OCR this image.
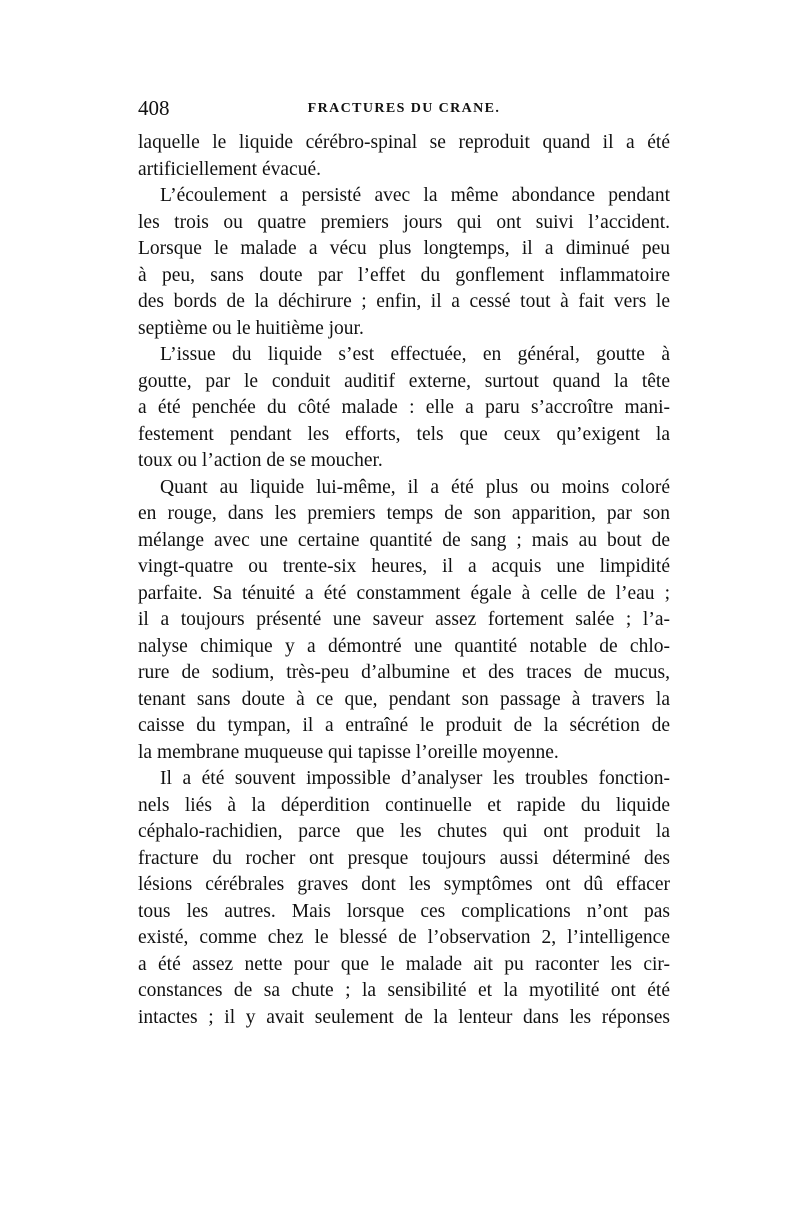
408	FRACTURES DU CRANE.
laquelle le liquide cérébro-spinal se reproduit quand il a été
artificiellement évacué.
L’écoulement a persisté avec la même abondance pendant
les trois ou quatre premiers jours qui ont suivi l’accident.
Lorsque le malade a vécu plus longtemps, il a diminué peu
à peu, sans doute par l’effet du gonflement inflammatoire
des bords de la déchirure ; enfin, il a cessé tout à fait vers le
septième ou le huitième jour.
L’issue du liquide s’est effectuée, en général, goutte à
goutte, par le conduit auditif externe, surtout quand la tête
a été penchée du côté malade : elle a paru s’accroître mani-
festement pendant les efforts, tels que ceux qu’exigent la
toux ou l’action de se moucher.
Quant au liquide lui-même, il a été plus ou moins coloré
en rouge, dans les premiers temps de son apparition, par son
mélange avec une certaine quantité de sang ; mais au bout de
vingt-quatre ou trente-six heures, il a acquis une limpidité
parfaite. Sa ténuité a été constamment égale à celle de l’eau ;
il a toujours présenté une saveur assez fortement salée ; l’a-
nalyse chimique y a démontré une quantité notable de chlo-
rure de sodium, très-peu d’albumine et des traces de mucus,
tenant sans doute à ce que, pendant son passage à travers la
caisse du tympan, il a entraîné le produit de la sécrétion de
la membrane muqueuse qui tapisse l’oreille moyenne.
Il a été souvent impossible d’analyser les troubles fonction-
nels liés à la déperdition continuelle et rapide du liquide
céphalo-rachidien, parce que les chutes qui ont produit la
fracture du rocher ont presque toujours aussi déterminé des
lésions cérébrales graves dont les symptômes ont dû effacer
tous les autres. Mais lorsque ces complications n’ont pas
existé, comme chez le blessé de l’observation 2, l’intelligence
a été assez nette pour que le malade ait pu raconter les cir-
constances de sa chute ; la sensibilité et la myotilité ont été
intactes ; il y avait seulement de la lenteur dans les réponses
